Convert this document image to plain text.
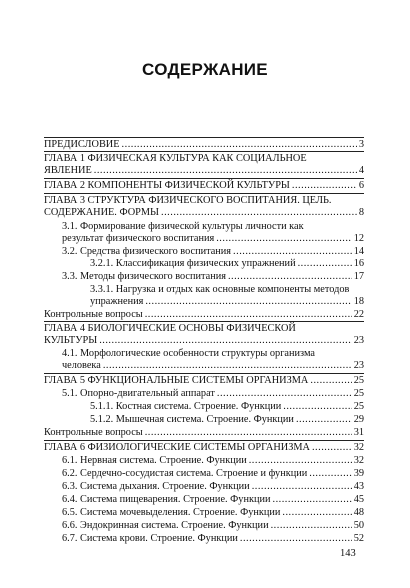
СОДЕРЖАНИЕ
ПРЕДИСЛОВИЕ .....	3
ГЛАВА 1 ФИЗИЧЕСКАЯ КУЛЬТУРА КАК СОЦИАЛЬНОЕ
ЯВЛЕНИЕ .....	4
ГЛАВА 2 КОМПОНЕНТЫ ФИЗИЧЕСКОЙ КУЛЬТУРЫ .....	6
ГЛАВА 3 СТРУКТУРА ФИЗИЧЕСКОГО ВОСПИТАНИЯ. ЦЕЛЬ.
СОДЕРЖАНИЕ. ФОРМЫ .....	8
3.1. Формирование физической культуры личности как
результат физического воспитания .....	12
3.2. Средства физического воспитания .....	14
3.2.1. Классификация физических упражнений .....	16
3.3. Методы физического воспитания .....	17
3.3.1. Нагрузка и отдых как основные компоненты методов
упражнения .....	18
Контрольные вопросы .....	22
ГЛАВА 4 БИОЛОГИЧЕСКИЕ ОСНОВЫ ФИЗИЧЕСКОЙ
КУЛЬТУРЫ .....	23
4.1. Морфологические особенности структуры организма
человека .....	23
ГЛАВА 5 ФУНКЦИОНАЛЬНЫЕ СИСТЕМЫ ОРГАНИЗМА .....	25
5.1. Опорно-двигательный аппарат .....	25
5.1.1. Костная система. Строение. Функции .....	25
5.1.2. Мышечная система. Строение. Функции .....	29
Контрольные вопросы .....	31
ГЛАВА 6 ФИЗИОЛОГИЧЕСКИЕ СИСТЕМЫ ОРГАНИЗМА .....	32
6.1. Нервная система. Строение. Функции .....	32
6.2. Сердечно-сосудистая система. Строение и функции .....	39
6.3. Система дыхания. Строение. Функции .....	43
6.4. Система пищеварения. Строение. Функции .....	45
6.5. Система мочевыделения. Строение. Функции .....	48
6.6. Эндокринная система. Строение. Функции .....	50
6.7. Система крови. Строение. Функции .....	52
143
